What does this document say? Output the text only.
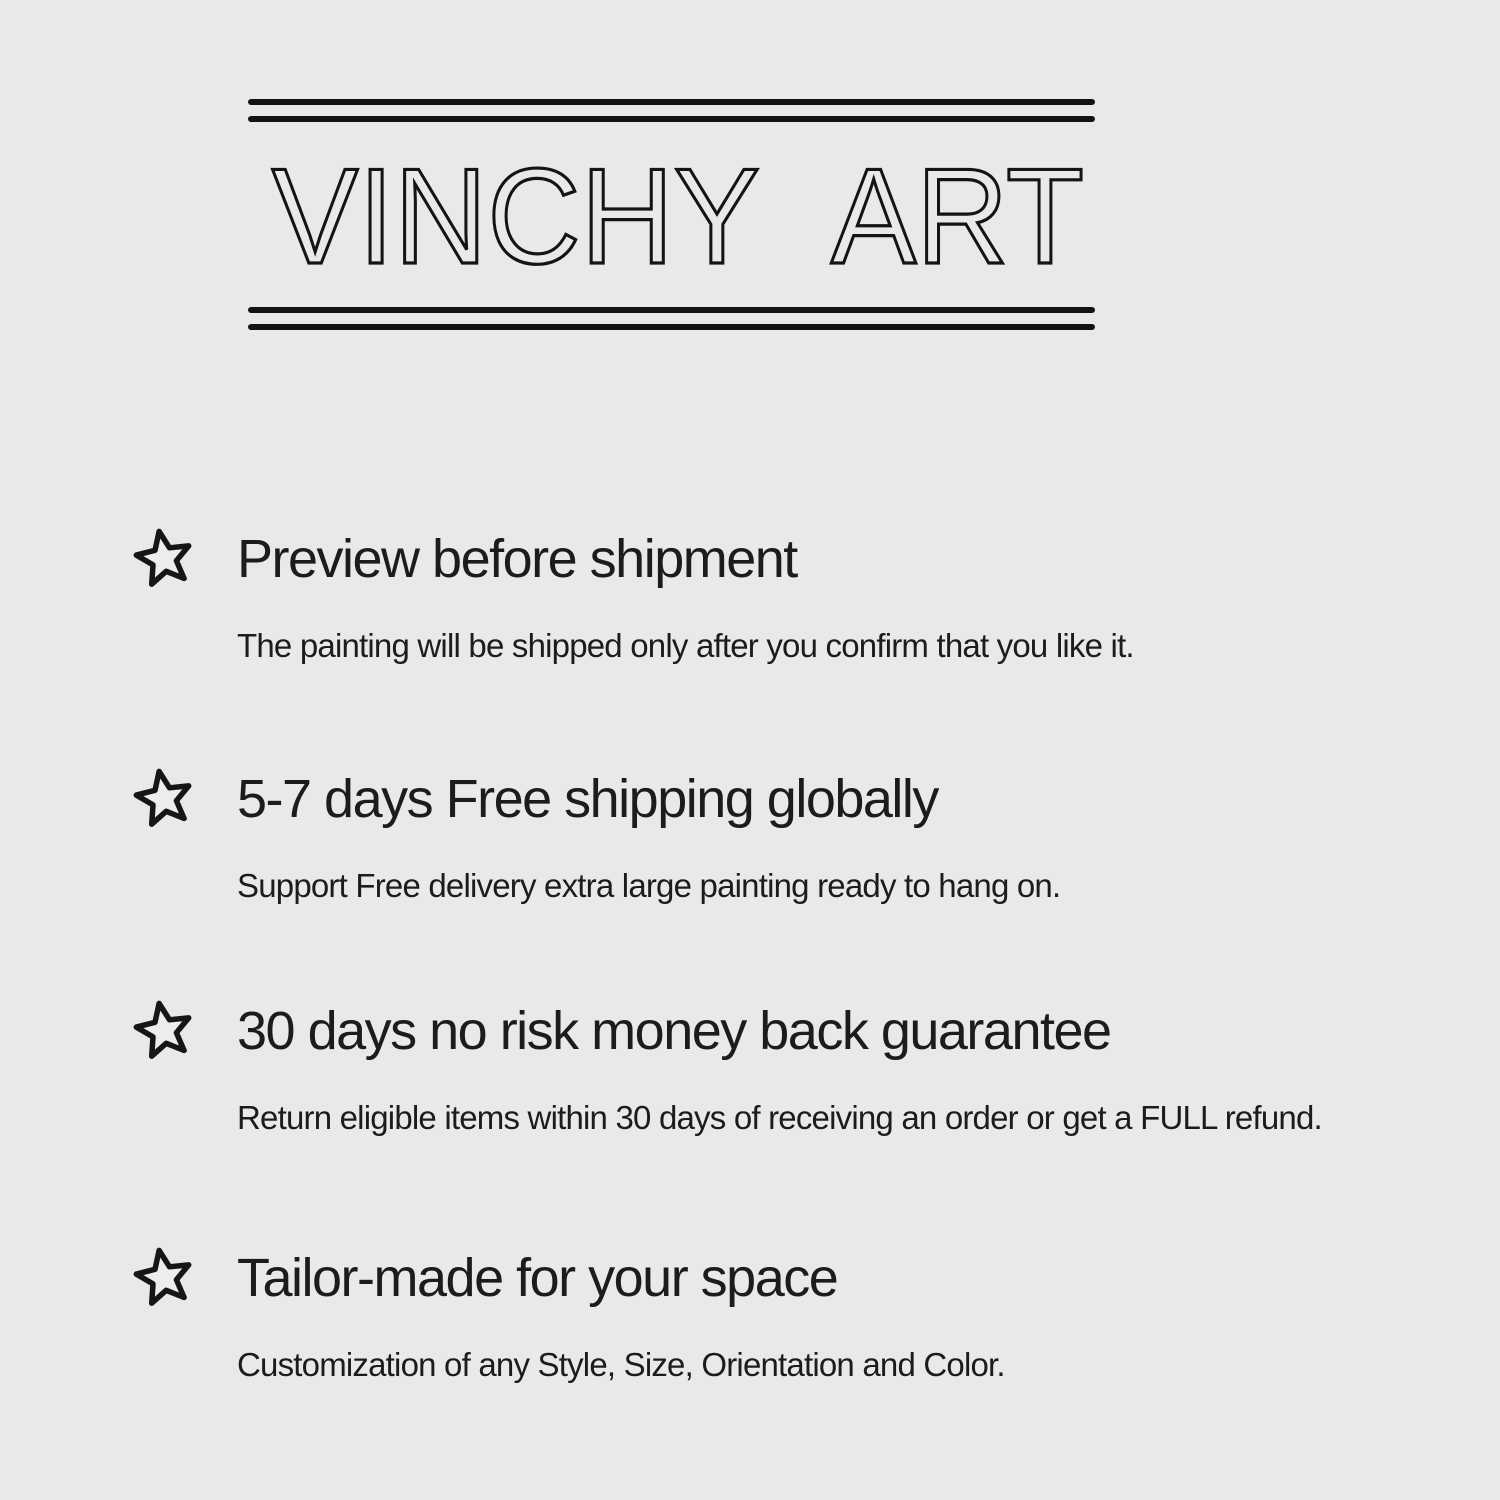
VINCHY ART
Preview before shipment

The painting will be shipped only after you confirm that you like it.

5-7 days Free shipping globally

Support Free delivery extra large painting ready to hang on.

30 days no risk money back guarantee

Return eligible items within 30 days of receiving an order or get a FULL refund.

Tailor-made for your space

Customization of any Style, Size, Orientation and Color.
